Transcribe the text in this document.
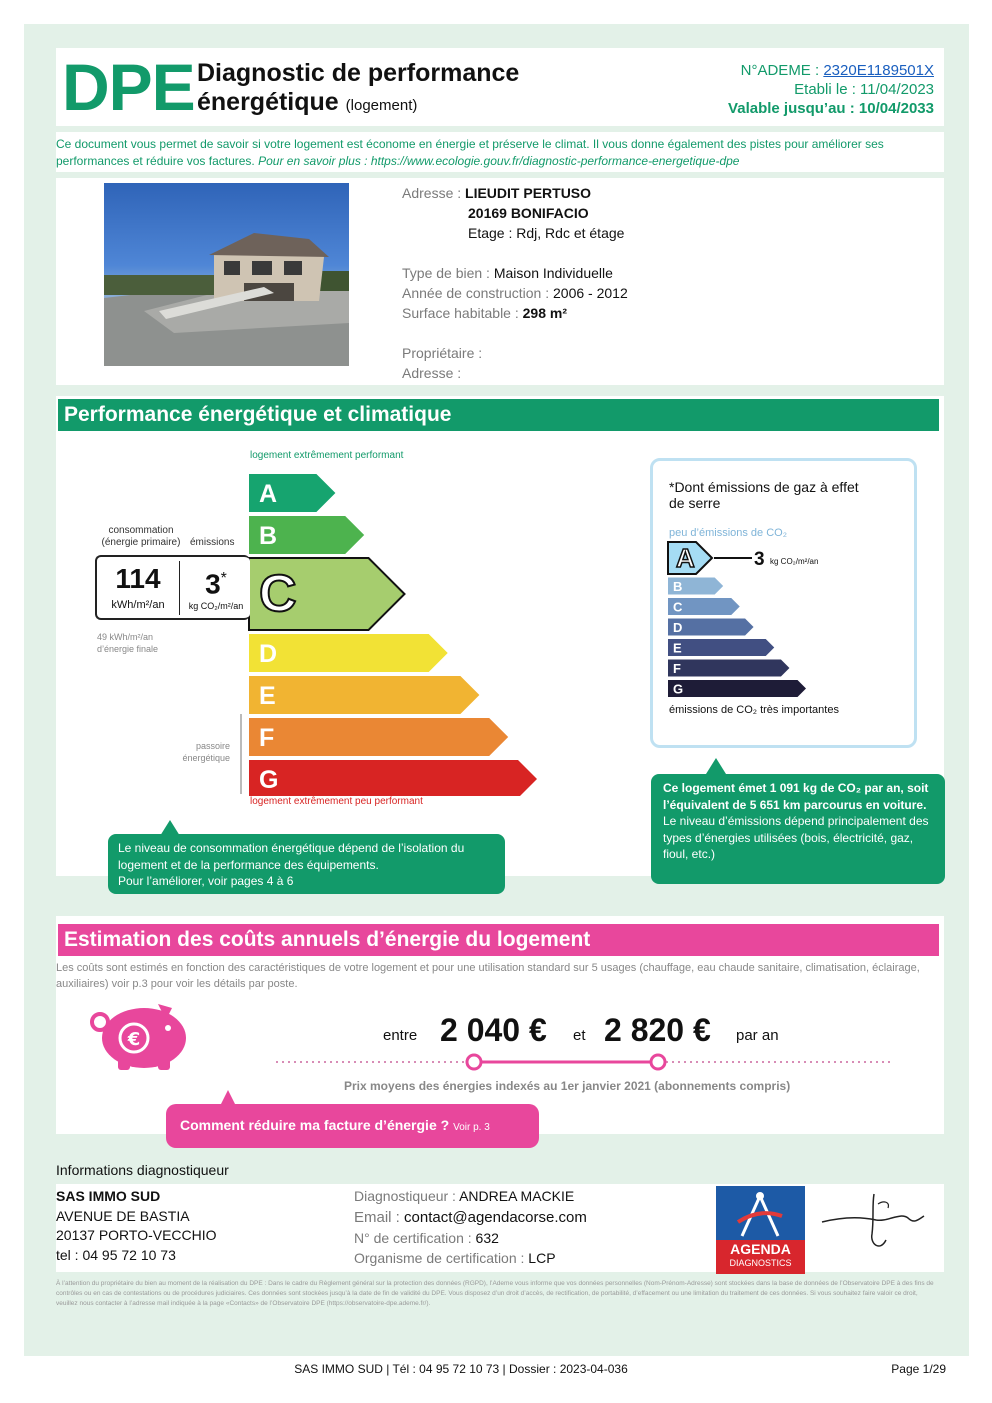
DPE Diagnostic de performance
énergétique (logement)
N°ADEME : 2320E1189501X
Etabli le : 11/04/2023
Valable jusqu’au : 10/04/2033
Ce document vous permet de savoir si votre logement est économe en énergie et préserve le climat. Il vous donne également des pistes pour améliorer ses performances et réduire vos factures. Pour en savoir plus : https://www.ecologie.gouv.fr/diagnostic-performance-energetique-dpe
Adresse : LIEUDIT PERTUSO
20169 BONIFACIO
Etage : Rdj, Rdc et étage
Type de bien : Maison Individuelle
Année de construction : 2006 - 2012
Surface habitable : 298 m²
Propriétaire :
Adresse :
Performance énergétique et climatique
logement extrêmement performant
logement extrêmement peu performant
A
B
C
D
E
F
G
consommation (énergie primaire) émissions
114
kWh/m²/an
3*
kg CO₂/m²/an
49 kWh/m²/an d’énergie finale
passoire énergétique
Le niveau de consommation énergétique dépend de l’isolation du logement et de la performance des équipements.
Pour l’améliorer, voir pages 4 à 6
*Dont émissions de gaz à effet de serre
peu d’émissions de CO₂
émissions de CO₂ très importantes
A	3 kg CO₂/m²/an
B
C
D
E
F
G
Ce logement émet 1 091 kg de CO₂ par an, soit l’équivalent de 5 651 km parcourus en voiture.
Le niveau d’émissions dépend principalement des types d’énergies utilisées (bois, électricité, gaz, fioul, etc.)
Estimation des coûts annuels d’énergie du logement
Les coûts sont estimés en fonction des caractéristiques de votre logement et pour une utilisation standard sur 5 usages (chauffage, eau chaude sanitaire, climatisation, éclairage, auxiliaires) voir p.3 pour voir les détails par poste.
€	entre 2 040 € et 2 820 € par an
Prix moyens des énergies indexés au 1er janvier 2021 (abonnements compris)
Comment réduire ma facture d’énergie ? Voir p. 3
Informations diagnostiqueur
SAS IMMO SUD
AVENUE DE BASTIA
20137 PORTO-VECCHIO
tel : 04 95 72 10 73
Diagnostiqueur : ANDREA MACKIE
Email : contact@agendacorse.com
N° de certification : 632
Organisme de certification : LCP
AGENDA
DIAGNOSTICS
À l’attention du propriétaire du bien au moment de la réalisation du DPE : Dans le cadre du Règlement général sur la protection des données (RGPD), l’Ademe vous informe que vos données personnelles (Nom-Prénom-Adresse) sont stockées dans la base de données de l’Observatoire DPE à des fins de contrôles ou en cas de contestations ou de procédures judiciaires. Ces données sont stockées jusqu’à la date de fin de validité du DPE. Vous disposez d’un droit d’accès, de rectification, de portabilité, d’effacement ou une limitation du traitement de ces données. Si vous souhaitez faire valoir ce droit, veuillez nous contacter à l’adresse mail indiquée à la page «Contacts» de l’Observatoire DPE (https://observatoire-dpe.ademe.fr/).
SAS IMMO SUD | Tél : 04 95 72 10 73 | Dossier : 2023-04-036	Page 1/29
